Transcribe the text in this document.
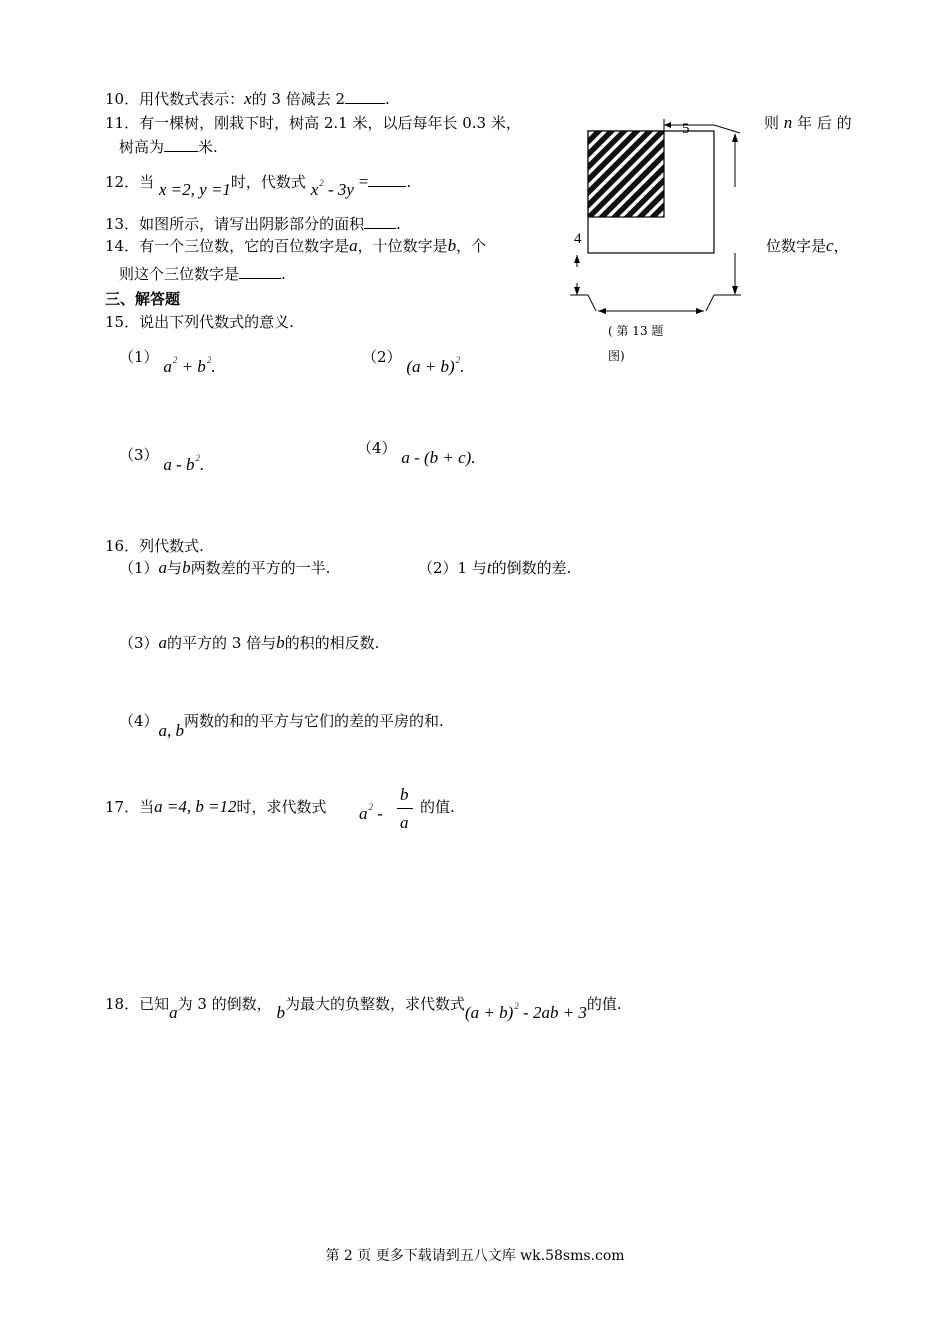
10．用代数式表示：x的 3 倍减去 2	.
11．有一棵树，刚栽下时，树高 2.1 米，以后每年长 0.3 米，	则 n 年 后 的
树高为 米.
12．当 x =2, y =1时，代数式 $x^2 - 3y$ =	.
13．如图所示，请写出阴影部分的面积 .
14．有一个三位数，它的百位数字是a，十位数字是b，个	位数字是c，
则这个三位数字是	.
三、解答题
15．说出下列代数式的意义.
（1） $a^2 + b^2$.	（2） $(a + b)^2$.
（3） a - $b^2$.
（4） a - (b + c).
16．列代数式.
（1）a与b两数差的平方的一半.	（2）1 与t的倒数的差.
（3）a的平方的 3 倍与b的积的相反数.
（4）a, b两数的和的平方与它们的差的平房的和.
17．当a =4, b =12时，求代数式 $a^2$ -
b
a
的值.
18．已知a为 3 的倒数， b为最大的负整数，求代数式$(a + b)^2 - 2ab + 3$的值.
5
4
( 第 13 题
图)
第 2 页 更多下载请到五八文库 wk.58sms.com
